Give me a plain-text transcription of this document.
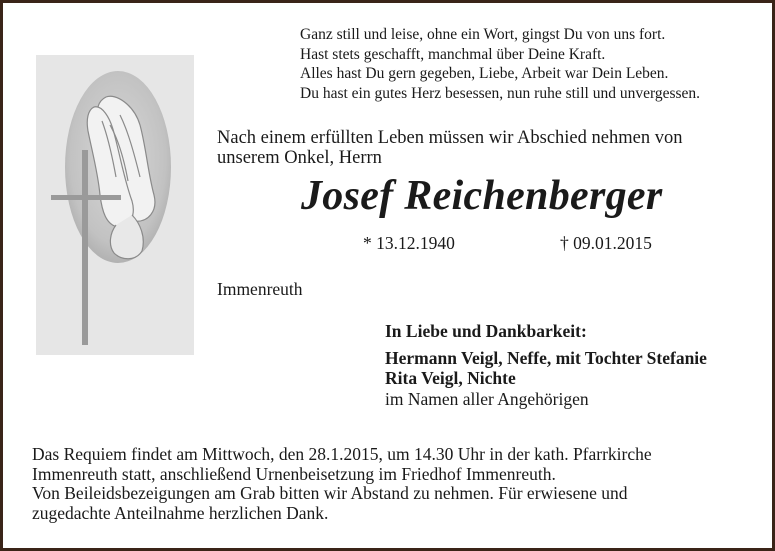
Ganz still und leise, ohne ein Wort, gingst Du von uns fort.
Hast stets geschafft, manchmal über Deine Kraft.
Alles hast Du gern gegeben, Liebe, Arbeit war Dein Leben.
Du hast ein gutes Herz besessen, nun ruhe still und unvergessen.
Nach einem erfüllten Leben müssen wir Abschied nehmen von
unserem Onkel, Herrn
Josef Reichenberger
* 13.12.1940	† 09.01.2015
Immenreuth
In Liebe und Dankbarkeit:
Hermann Veigl, Neffe, mit Tochter Stefanie
Rita Veigl, Nichte
im Namen aller Angehörigen
Das Requiem findet am Mittwoch, den 28.1.2015, um 14.30 Uhr in der kath. Pfarrkirche
Immenreuth statt, anschließend Urnenbeisetzung im Friedhof Immenreuth.
Von Beileidsbezeigungen am Grab bitten wir Abstand zu nehmen. Für erwiesene und
zugedachte Anteilnahme herzlichen Dank.
